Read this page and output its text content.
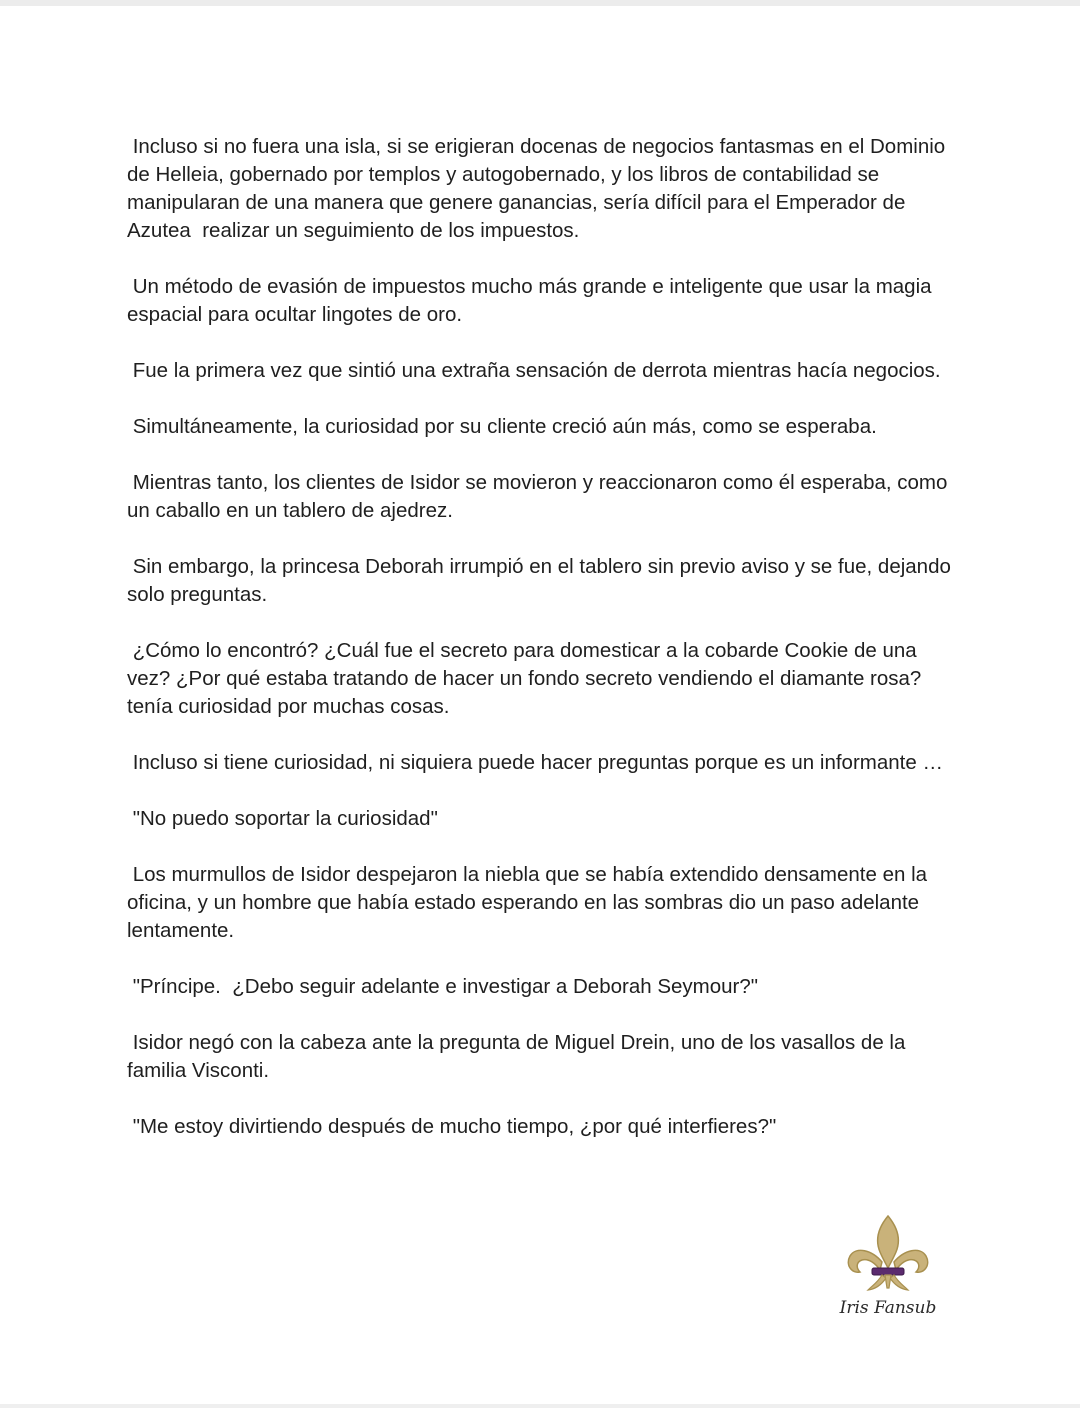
Incluso si no fuera una isla, si se erigieran docenas de negocios fantasmas en el Dominio de Helleia, gobernado por templos y autogobernado, y los libros de contabilidad se manipularan de una manera que genere ganancias, sería difícil para el Emperador de Azutea  realizar un seguimiento de los impuestos.

Un método de evasión de impuestos mucho más grande e inteligente que usar la magia espacial para ocultar lingotes de oro.

Fue la primera vez que sintió una extraña sensación de derrota mientras hacía negocios.

Simultáneamente, la curiosidad por su cliente creció aún más, como se esperaba.

Mientras tanto, los clientes de Isidor se movieron y reaccionaron como él esperaba, como un caballo en un tablero de ajedrez.

Sin embargo, la princesa Deborah irrumpió en el tablero sin previo aviso y se fue, dejando solo preguntas.

¿Cómo lo encontró? ¿Cuál fue el secreto para domesticar a la cobarde Cookie de una vez? ¿Por qué estaba tratando de hacer un fondo secreto vendiendo el diamante rosa? tenía curiosidad por muchas cosas.

Incluso si tiene curiosidad, ni siquiera puede hacer preguntas porque es un informante …

"No puedo soportar la curiosidad"

Los murmullos de Isidor despejaron la niebla que se había extendido densamente en la oficina, y un hombre que había estado esperando en las sombras dio un paso adelante lentamente.

"Príncipe.  ¿Debo seguir adelante e investigar a Deborah Seymour?"

Isidor negó con la cabeza ante la pregunta de Miguel Drein, uno de los vasallos de la familia Visconti.

"Me estoy divirtiendo después de mucho tiempo, ¿por qué interfieres?"

Iris Fansub
